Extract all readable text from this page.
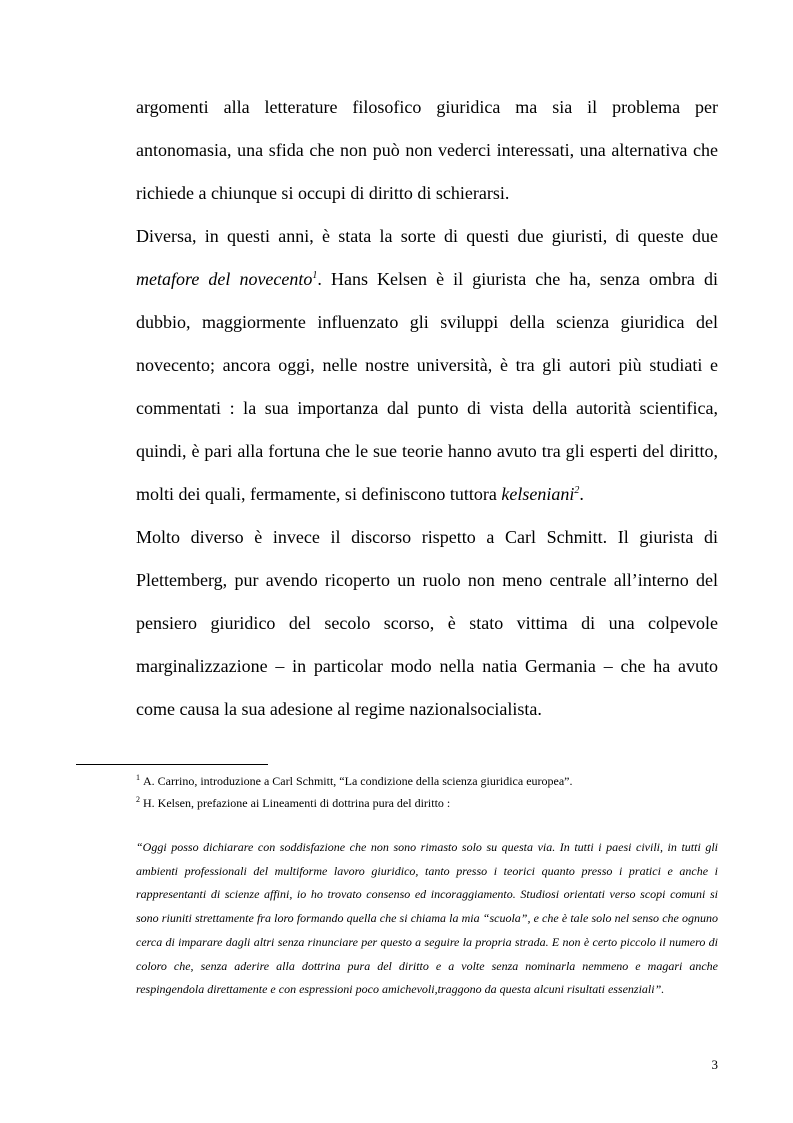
argomenti alla letterature filosofico giuridica ma sia il problema per antonomasia, una sfida che non può non vederci interessati, una alternativa che richiede a chiunque si occupi di diritto di schierarsi.

Diversa, in questi anni, è stata la sorte di questi due giuristi, di queste due metafore del novecento$^1$. Hans Kelsen è il giurista che ha, senza ombra di dubbio, maggiormente influenzato gli sviluppi della scienza giuridica del novecento; ancora oggi, nelle nostre università, è tra gli autori più studiati e commentati : la sua importanza dal punto di vista della autorità scientifica, quindi, è pari alla fortuna che le sue teorie hanno avuto tra gli esperti del diritto, molti dei quali, fermamente, si definiscono tuttora kelseniani$^2$.

Molto diverso è invece il discorso rispetto a Carl Schmitt. Il giurista di Plettemberg, pur avendo ricoperto un ruolo non meno centrale all’interno del pensiero giuridico del secolo scorso, è stato vittima di una colpevole marginalizzazione – in particolar modo nella natia Germania – che ha avuto come causa la sua adesione al regime nazionalsocialista.

$^1$ A. Carrino, introduzione a Carl Schmitt, “La condizione della scienza giuridica europea”.

$^2$ H. Kelsen, prefazione ai Lineamenti di dottrina pura del diritto :

“Oggi posso dichiarare con soddisfazione che non sono rimasto solo su questa via. In tutti i paesi civili, in tutti gli ambienti professionali del multiforme lavoro giuridico, tanto presso i teorici quanto presso i pratici e anche i rappresentanti di scienze affini, io ho trovato consenso ed incoraggiamento. Studiosi orientati verso scopi comuni si sono riuniti strettamente fra loro formando quella che si chiama la mia “scuola”, e che è tale solo nel senso che ognuno cerca di imparare dagli altri senza rinunciare per questo a seguire la propria strada. E non è certo piccolo il numero di coloro che, senza aderire alla dottrina pura del diritto e a volte senza nominarla nemmeno e magari anche respingendola direttamente e con espressioni poco amichevoli,traggono da questa alcuni risultati essenziali”.

3
